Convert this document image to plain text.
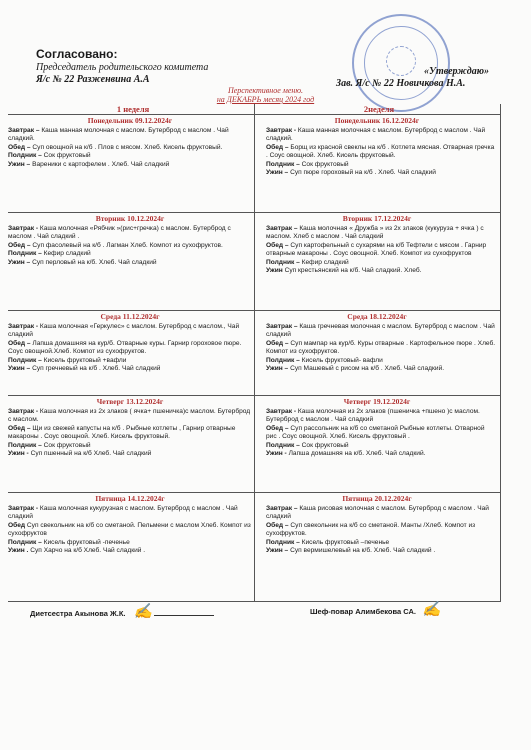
Согласовано:
Председатель родительского комитета
Я/с № 22 Разженвина А.А
«Утверждаю»
Зав. Я/с № 22 Новичкова Н.А.
Перспективное меню.
на ДЕКАБРЬ месяц 2024 год
1 неделя	2неделя
Понедельник 09.12.2024г
Завтрак – Каша манная молочная с маслом. Бутерброд с маслом . Чай сладкий.
Обед – Суп овощной на к/б . Плов с мясом. Хлеб. Кисель фруктовый.
Полдник – Сок фруктовый
Ужин – Вареники с картофелем . Хлеб. Чай сладкий
Понедельник 16.12.2024г
Завтрак - Каша манная молочная с маслом. Бутерброд с маслом . Чай сладкий.
Обед – Борщ из красной свеклы на к/б . Котлета мясная. Отварная гречка . Соус овощной. Хлеб. Кисель фруктовый.
Полдник – Сок фруктовый
Ужин – Суп пюре гороховый на к/б . Хлеб. Чай сладкий
Вторник 10.12.2024г
Завтрак - Каша молочная «Рябчик »(рис+гречка) с маслом. Бутерброд с маслом . Чай сладкий .
Обед – Суп фасолевый на к/б . Лагман Хлеб. Компот из сухофруктов.
Полдник – Кефир сладкий
Ужин – Суп перловый на к/б. Хлеб. Чай сладкий
Вторник 17.12.2024г
Завтрак – Каша молочная « Дружба » из 2х злаков (кукуруза + ячка ) с маслом. Хлеб с маслом . Чай сладкий
Обед – Суп картофельный с сухарями на к/б Тефтели с мясом . Гарнир отварные макароны . Соус овощной. Хлеб. Компот из сухофруктов
Полдник – Кефир сладкий
Ужин Суп крестьянский на к/б. Чай сладкий. Хлеб.
Среда 11.12.2024г
Завтрак - Каша молочная «Геркулес» с маслом. Бутерброд с маслом., Чай сладкий
Обед – Лапша домашняя на кур/б. Отварные куры. Гарнир гороховое пюре. Соус овощной.Хлеб. Компот из сухофруктов.
Полдник – Кисель фруктовый +вафли
Ужин – Суп гречневый на к/б . Хлеб. Чай сладкий
Среда 18.12.2024г
Завтрак – Каша гречневая молочная с маслом. Бутерброд с маслом . Чай сладкий
Обед – Суп мампар на кур/б. Куры отварные . Картофельное пюре . Хлеб. Компот из сухофруктов.
Полдник – Кисель фруктовый- вафли
Ужин – Суп Машевый с рисом на к/б . Хлеб. Чай сладкий.
Четверг 13.12.2024г
Завтрак - Каша молочная из 2х злаков ( ячка+ пшеничка)с маслом. Бутерброд с маслом.
Обед – Щи из свежей капусты на к/б . Рыбные котлеты , Гарнир отварные макароны . Соус овощной. Хлеб. Кисель фруктовый.
Полдник – Сок фруктовый
Ужин - Суп пшенный на к/б Хлеб. Чай сладкий
Четверг 19.12.2024г
Завтрак - Каша молочная из 2х злаков (пшеничка +пшено )с маслом. Бутерброд с маслом . Чай сладкий
Обед – Суп рассольник на к/б со сметаной Рыбные котлеты. Отварной рис . Соус овощной. Хлеб. Кисель фруктовый .
Полдник – Сок фруктовый
Ужин - Лапша домашняя на к/б. Хлеб. Чай сладкий.
Пятница 14.12.2024г
Завтрак - Каша молочная кукурузная с маслом. Бутерброд с маслом . Чай сладкий
Обед Суп свекольник на к/б со сметаной. Пельмени с маслом Хлеб. Компот из сухофруктов
Полдник – Кисель фруктовый -печенье
Ужин . Суп Харчо на к/б Хлеб. Чай сладкий .
Пятница 20.12.2024г
Завтрак – Каша рисовая молочная с маслом. Бутерброд с маслом . Чай сладкий
Обед – Суп свекольник на к/б со сметаной. Манты /Хлеб. Компот из сухофруктов.
Полдник – Кисель фруктовый –печенье
Ужин – Суп вермишелевый на к/б. Хлеб. Чай сладкий .
Диетсестра Акынова Ж.К. ✍	Шеф-повар Алимбекова СА. ✍
